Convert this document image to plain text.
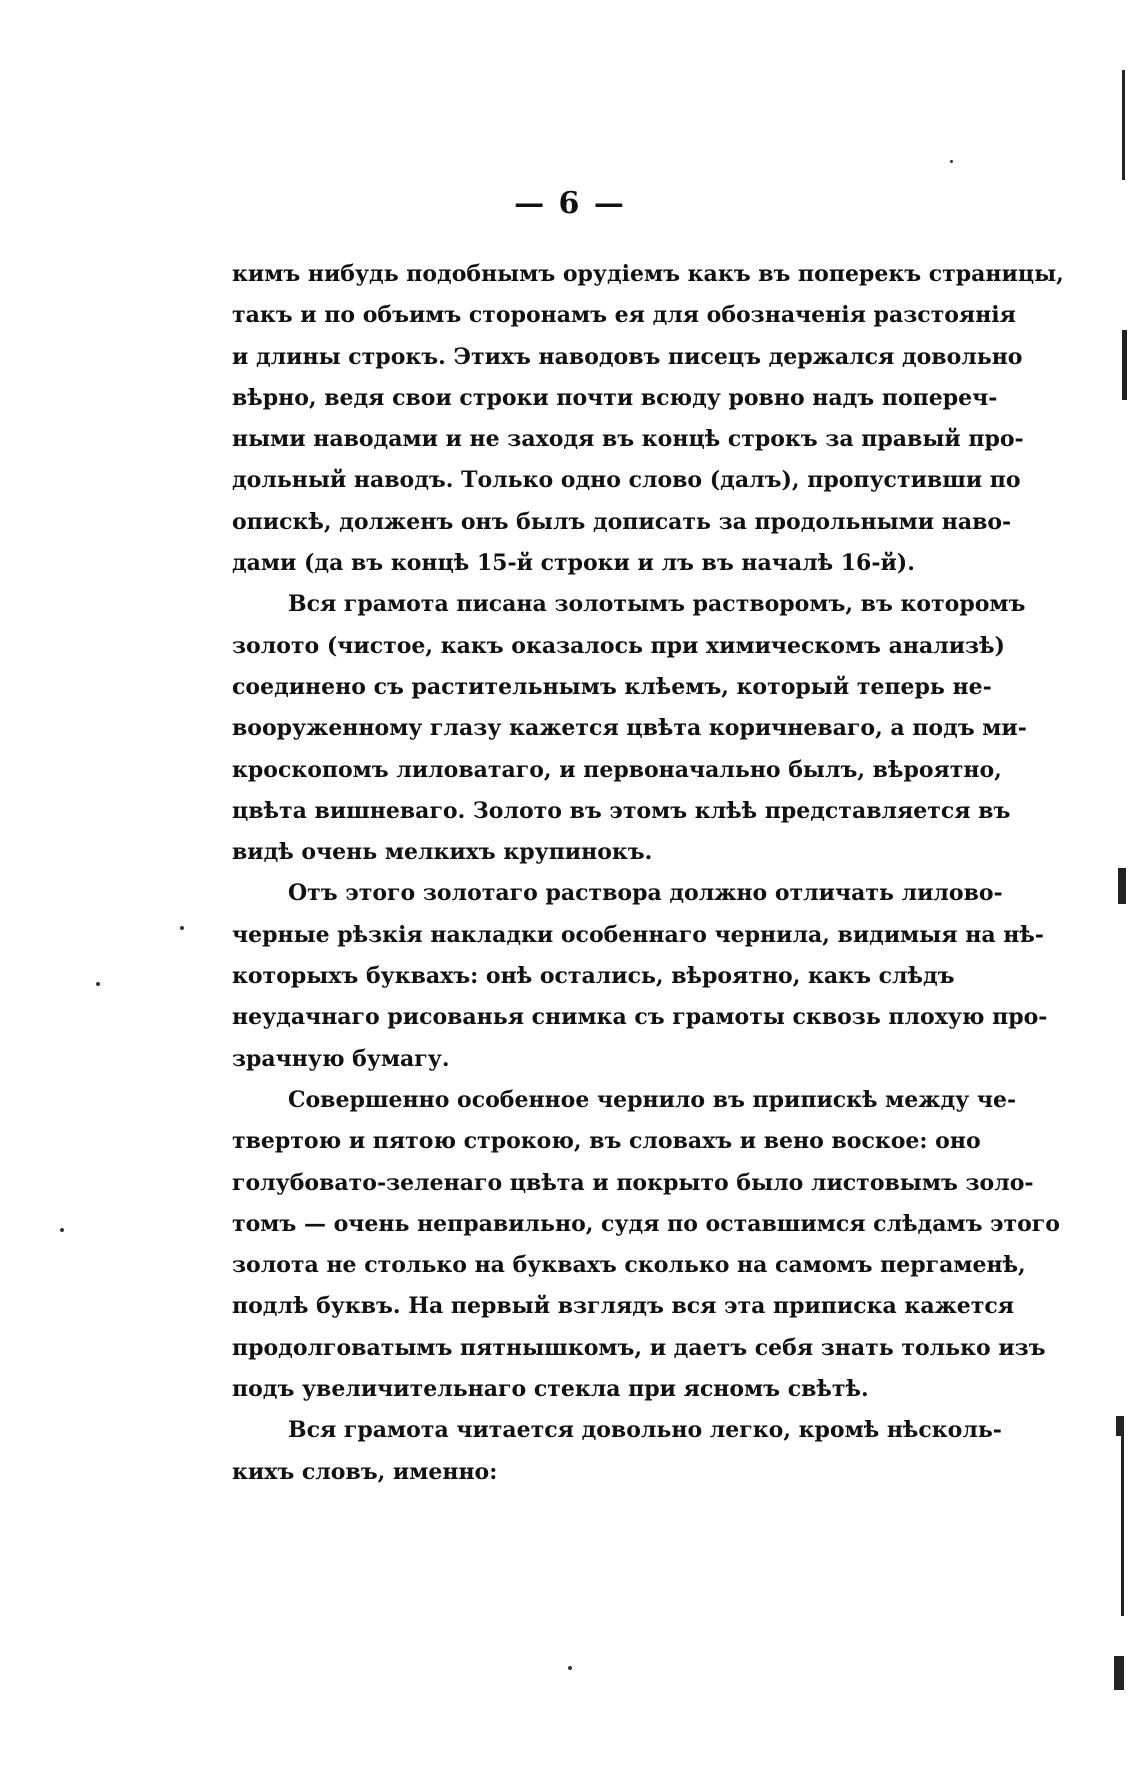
— 6 —
кимъ нибудь подобнымъ орудіемъ какъ въ поперекъ страницы,
такъ и по объимъ сторонамъ ея для обозначенія разстоянія
и длины строкъ. Этихъ наводовъ писецъ держался довольно
вѣрно, ведя свои строки почти всюду ровно надъ попереч-
ными наводами и не заходя въ концѣ строкъ за правый про-
дольный наводъ. Только одно слово (далъ), пропустивши по
опискѣ, долженъ онъ былъ дописать за продольными наво-
дами (да въ концѣ 15-й строки и лъ въ началѣ 16-й).
Вся грамота писана золотымъ растворомъ, въ которомъ
золото (чистое, какъ оказалось при химическомъ анализѣ)
соединено съ растительнымъ клѣемъ, который теперь не-
вооруженному глазу кажется цвѣта коричневаго, а подъ ми-
кроскопомъ лиловатаго, и первоначально былъ, вѣроятно,
цвѣта вишневаго. Золото въ этомъ клѣѣ представляется въ
видѣ очень мелкихъ крупинокъ.
Отъ этого золотаго раствора должно отличать лилово-
черные рѣзкія накладки особеннаго чернила, видимыя на нѣ-
которыхъ буквахъ: онѣ остались, вѣроятно, какъ слѣдъ
неудачнаго рисованья снимка съ грамоты сквозь плохую про-
зрачную бумагу.
Совершенно особенное чернило въ припискѣ между че-
твертою и пятою строкою, въ словахъ и вено воское: оно
голубовато-зеленаго цвѣта и покрыто было листовымъ золо-
томъ — очень неправильно, судя по оставшимся слѣдамъ этого
золота не столько на буквахъ сколько на самомъ пергаменѣ,
подлѣ буквъ. На первый взглядъ вся эта приписка кажется
продолговатымъ пятнышкомъ, и даетъ себя знать только изъ
подъ увеличительнаго стекла при ясномъ свѣтѣ.
Вся грамота читается довольно легко, кромѣ нѣсколь-
кихъ словъ, именно:
